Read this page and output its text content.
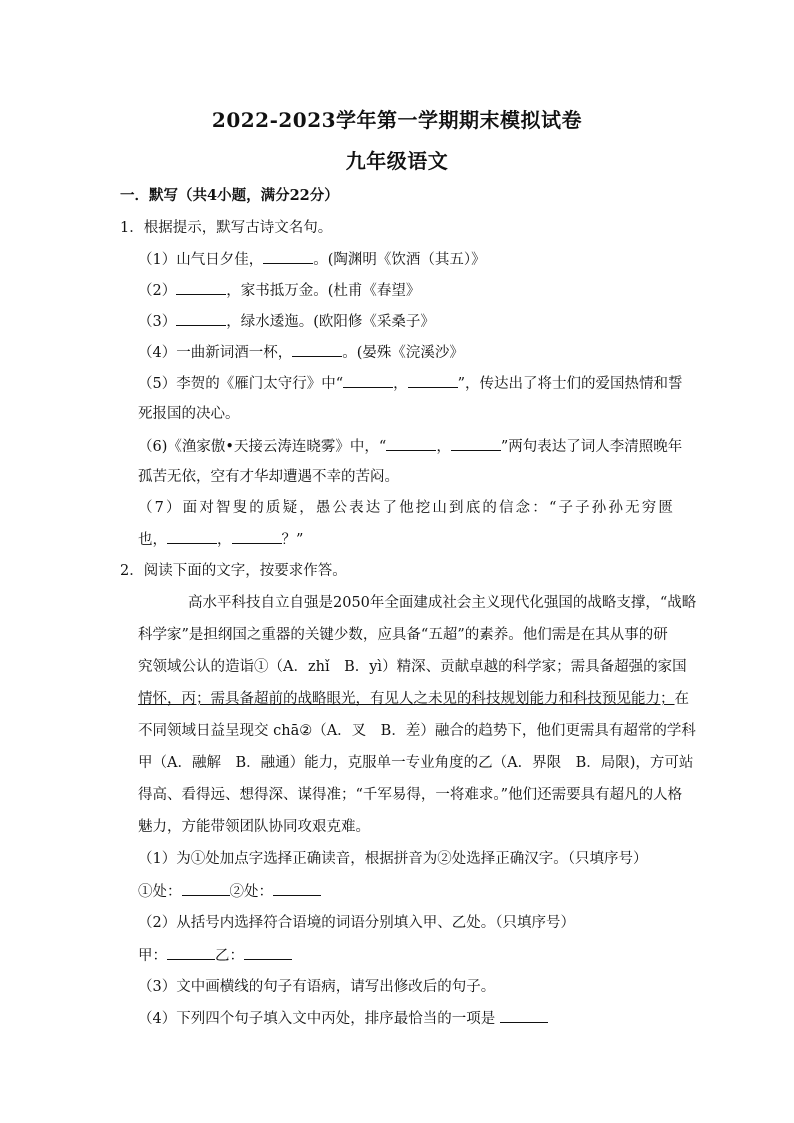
2022-2023学年第一学期期末模拟试卷
九年级语文
一．默写（共4小题，满分22分）
1．根据提示，默写古诗文名句。
（1）山气日夕佳，	。(陶渊明《饮酒（其五）》
（2）	，家书抵万金。(杜甫《春望》
（3）	，绿水逶迤。(欧阳修《采桑子》
（4）一曲新词酒一杯，	。(晏殊《浣溪沙》
（5）李贺的《雁门太守行》中“	，	”，传达出了将士们的爱国热情和誓
死报国的决心。
（6)《渔家傲•天接云涛连晓雾》中，“	，	”两句表达了词人李清照晚年
孤苦无依，空有才华却遭遇不幸的苦闷。
（7）面对智叟的质疑，愚公表达了他挖山到底的信念：“子子孙孙无穷匮
也，	，	？”
2．阅读下面的文字，按要求作答。
高水平科技自立自强是2050年全面建成社会主义现代化强国的战略支撑，“战略
科学家”是担纲国之重器的关键少数，应具备“五超”的素养。他们需是在其从事的研
究领域公认的造诣①（A．zhǐ　B．yì）精深、贡献卓越的科学家；需具备超强的家国
情怀，丙；需具备超前的战略眼光，有见人之未见的科技规划能力和科技预见能力；在
不同领域日益呈现交 chā②（A．叉　B．差）融合的趋势下，他们更需具有超常的学科
甲（A．融解　B．融通）能力，克服单一专业角度的乙（A．界限　B．局限)，方可站
得高、看得远、想得深、谋得准；“千军易得，一将难求。”他们还需要具有超凡的人格
魅力，方能带领团队协同攻艰克难。
（1）为①处加点字选择正确读音，根据拼音为②处选择正确汉字。（只填序号）
①处：	②处：
（2）从括号内选择符合语境的词语分别填入甲、乙处。（只填序号）
甲：	乙：
（3）文中画横线的句子有语病，请写出修改后的句子。
（4）下列四个句子填入文中丙处，排序最恰当的一项是
